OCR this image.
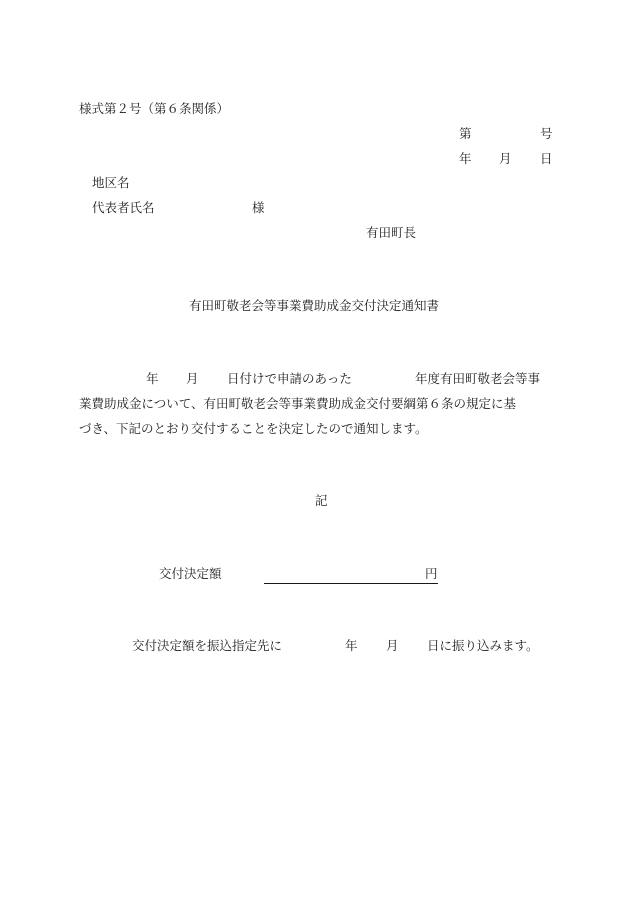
様式第２号（第６条関係）
第	号
年 月 日
地区名
代表者氏名	様
有田町長
有田町敬老会等事業費助成金交付決定通知書
年 月 日付けで申請のあった	年度有田町敬老会等事
業費助成金について、有田町敬老会等事業費助成金交付要綱第６条の規定に基
づき、下記のとおり交付することを決定したので通知します。
記
交付決定額	円
交付決定額を振込指定先に	年 月 日に振り込みます。
